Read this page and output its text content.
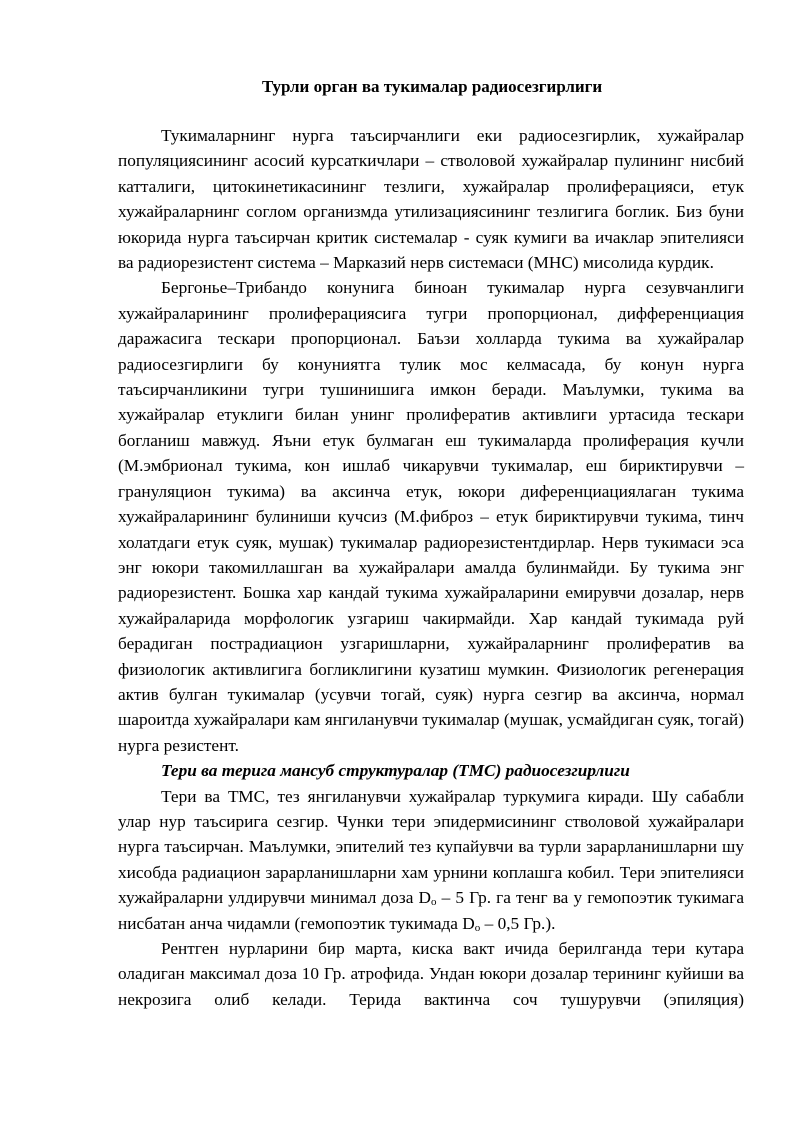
Турли орган ва тукималар радиосезгирлиги

Тукималарнинг нурга таъсирчанлиги еки радиосезгирлик, хужайралар популяциясининг асосий курсаткичлари – стволовой хужайралар пулининг нисбий катталиги, цитокинетикасининг тезлиги, хужайралар пролиферацияси, етук хужайраларнинг соглом организмда утилизациясининг тезлигига боглик. Биз буни юкорида нурга таъсирчан критик системалар - суяк кумиги ва ичаклар эпителияси ва радиорезистент система – Марказий нерв системаси (МНС) мисолида курдик.

Бергонье–Трибандо конунига биноан тукималар нурга сезувчанлиги хужайраларининг пролиферациясига тугри пропорционал, дифференциация даражасига тескари пропорционал. Баъзи холларда тукима ва хужайралар радиосезгирлиги бу конуниятга тулик мос келмасада, бу конун нурга таъсирчанликини тугри тушинишига имкон беради. Маълумки, тукима ва хужайралар етуклиги билан унинг пролифератив активлиги уртасида тескари богланиш мавжуд. Яъни етук булмаган еш тукималарда пролиферация кучли (М.эмбрионал тукима, кон ишлаб чикарувчи тукималар, еш бириктирувчи – грануляцион тукима) ва аксинча етук, юкори диференциациялаган тукима хужайраларининг булиниши кучсиз (М.фиброз – етук бириктирувчи тукима, тинч холатдаги етук суяк, мушак) тукималар радиорезистентдирлар. Нерв тукимаси эса энг юкори такомиллашган ва хужайралари амалда булинмайди. Бу тукима энг радиорезистент. Бошка хар кандай тукима хужайраларини емирувчи дозалар, нерв хужайраларида морфологик узгариш чакирмайди. Хар кандай тукимада руй берадиган пострадиацион узгаришларни, хужайраларнинг пролифератив ва физиологик активлигига богликлигини кузатиш мумкин. Физиологик регенерация актив булган тукималар (усувчи тогай, суяк) нурга сезгир ва аксинча, нормал шароитда хужайралари кам янгиланувчи тукималар (мушак, усмайдиган суяк, тогай) нурга резистент.

Тери ва терига мансуб структуралар (ТМС) радиосезгирлиги

Тери ва ТМС, тез янгиланувчи хужайралар туркумига киради. Шу сабабли улар нур таъсирига сезгир. Чунки тери эпидермисининг стволовой хужайралари нурга таъсирчан. Маълумки, эпителий тез купайувчи ва турли зарарланишларни шу хисобда радиацион зарарланишларни хам урнини коплашга кобил. Тери эпителияси хужайраларни улдирувчи минимал доза $D_о - 5$ Гр. га тенг ва у гемопоэтик тукимага нисбатан анча чидамли (гемопоэтик тукимада $D_о - 0,5$ Гр.).

Рентген нурларини бир марта, киска вакт ичида берилганда тери кутара оладиган максимал доза 10 Гр. атрофида. Ундан юкори дозалар терининг куйиши ва некрозига олиб келади. Терида вактинча соч тушурувчи (эпиляция)
